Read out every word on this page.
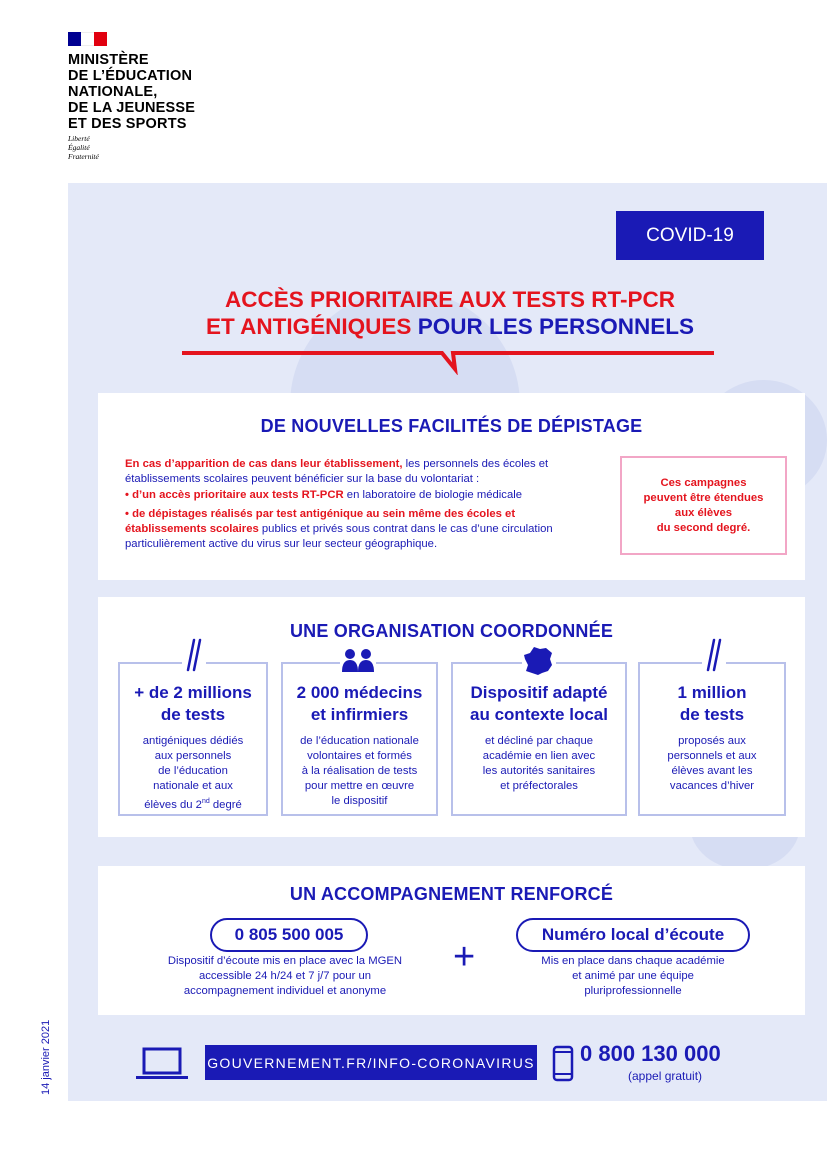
MINISTÈRE
DE L’ÉDUCATION
NATIONALE,
DE LA JEUNESSE
ET DES SPORTS
Liberté
Égalité
Fraternité
COVID-19
ACCÈS PRIORITAIRE AUX TESTS RT-PCR
ET ANTIGÉNIQUES POUR LES PERSONNELS
DE NOUVELLES FACILITÉS DE DÉPISTAGE
En cas d’apparition de cas dans leur établissement, les personnels des écoles et établissements scolaires peuvent bénéficier sur la base du volontariat :
• d’un accès prioritaire aux tests RT-PCR en laboratoire de biologie médicale
• de dépistages réalisés par test antigénique au sein même des écoles et établissements scolaires publics et privés sous contrat dans le cas d’une circulation particulièrement active du virus sur leur secteur géographique.
Ces campagnes
peuvent être étendues
aux élèves
du second degré.
UNE ORGANISATION COORDONNÉE
+ de 2 millions
de tests
antigéniques dédiés
aux personnels
de l’éducation
nationale et aux
élèves du 2nd degré
2 000 médecins
et infirmiers
de l’éducation nationale
volontaires et formés
à la réalisation de tests
pour mettre en œuvre
le dispositif
Dispositif adapté
au contexte local
et décliné par chaque
académie en lien avec
les autorités sanitaires
et préfectorales
1 million
de tests
proposés aux
personnels et aux
élèves avant les
vacances d’hiver
UN ACCOMPAGNEMENT RENFORCÉ
0 805 500 005
Dispositif d’écoute mis en place avec la MGEN
accessible 24 h/24 et 7 j/7 pour un
accompagnement individuel et anonyme
+
Numéro local d’écoute
Mis en place dans chaque académie
et animé par une équipe
pluriprofessionnelle
GOUVERNEMENT.FR/INFO-CORONAVIRUS 0 800 130 000
(appel gratuit)
14 janvier 2021
